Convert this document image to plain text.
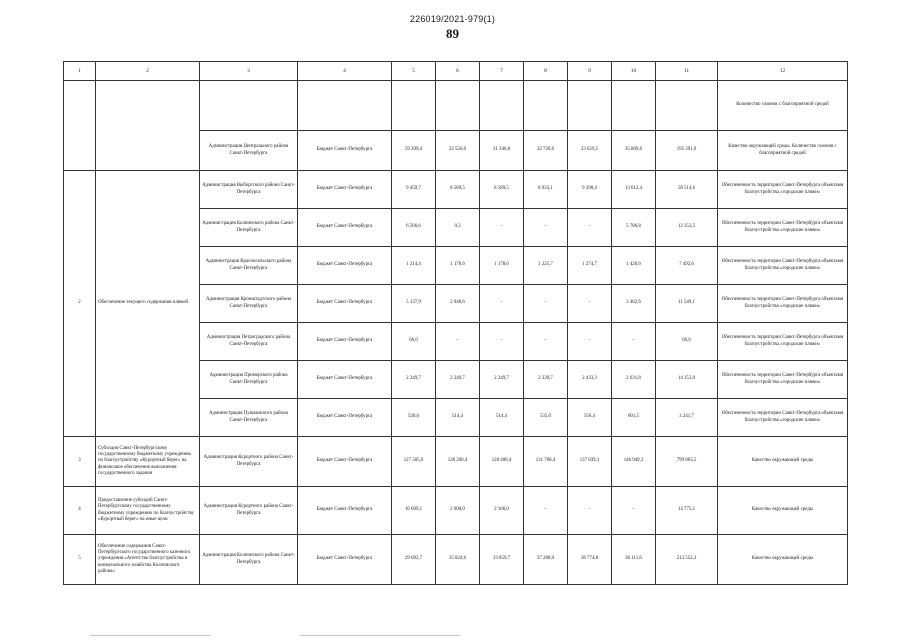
226019/2021-979(1)
89
1	2	3	4	5	6	7	8	9	10	11	12
											Количество газонов с благоприятной средой
		Администрация Центрального района Санкт-Петербурга	Бюджет Санкт-Петербурга	59 209,4	22 556,0	31 346,8	22 720,6	23 629,5	35 809,6	195 291,9	Качество окружающей среды. Количество газонов с благоприятной средой
2	Обеспечение текущего содержания пляжей	Администрация Выборгского района Санкт-Петербурга	Бюджет Санкт-Петербурга	9 459,7	8 589,5	8 589,5	8 933,1	9 290,4	13 612,4	58 514,6	Обеспеченность территории Санкт-Петербурга объектами благоустройства «городские пляжи»
		Администрация Колпинского района Санкт-Петербурга	Бюджет Санкт-Петербурга	6 566,6	0,3	-	-	-	5 786,8	12 353,5	Обеспеченность территории Санкт-Петербурга объектами благоустройства «городские пляжи»
		Администрация Красносельского района Санкт-Петербурга	Бюджет Санкт-Петербурга	1 214,4	1 178,6	1 178,6	1 225,7	1 274,7	1 420,6	7 492,6	Обеспеченность территории Санкт-Петербурга объектами благоустройства «городские пляжи»
		Администрация Кронштадтского района Санкт-Петербурга	Бюджет Санкт-Петербурга	5 137,9	2 948,6	-	-	-	3 462,6	11 549,1	Обеспеченность территории Санкт-Петербурга объектами благоустройства «городские пляжи»
		Администрация Петроградского района Санкт-Петербурга	Бюджет Санкт-Петербурга	66,0	-	-	-	-	-	66,0	Обеспеченность территории Санкт-Петербурга объектами благоустройства «городские пляжи»
		Администрация Приморского района Санкт-Петербурга	Бюджет Санкт-Петербурга	2 249,7	2 249,7	2 249,7	2 339,7	2 433,3	2 631,8	14 153,9	Обеспеченность территории Санкт-Петербурга объектами благоустройства «городские пляжи»
		Администрация Пушкинского района Санкт-Петербурга	Бюджет Санкт-Петербурга	520,0	514,4	514,4	535,0	556,4	601,5	3 241,7	Обеспеченность территории Санкт-Петербурга объектами благоустройства «городские пляжи»
3	Субсидия Санкт-Петербургскому государственному бюджетному учреждению по благоустройству «Курортный берег» на финансовое обеспечение выполнения государственного задания	Администрация Курортного района Санкт-Петербурга	Бюджет Санкт-Петербурга	127 505,9	128 200,4	128 400,4	131 768,4	137 039,1	146 949,3	799 863,5	Качество окружающей среды
4	Предоставление субсидий Санкт-Петербургскому государственному бюджетному учреждению по благоустройству «Курортный берег» на иные цели	Администрация Курортного района Санкт-Петербурга	Бюджет Санкт-Петербурга	10 609,1	2 000,0	2 166,0	-	-	-	14 775,1	Качество окружающей среды
5	Обеспечение содержания Санкт-Петербургского государственного казенного учреждения «Агентство благоустройства и коммунального хозяйства Колпинского района»	Администрация Колпинского района Санкт-Петербурга	Бюджет Санкт-Петербурга	29 692,7	35 824,6	33 859,7	37 288,9	38 774,8	36 111,6	213 552,3	Качество окружающей среды
